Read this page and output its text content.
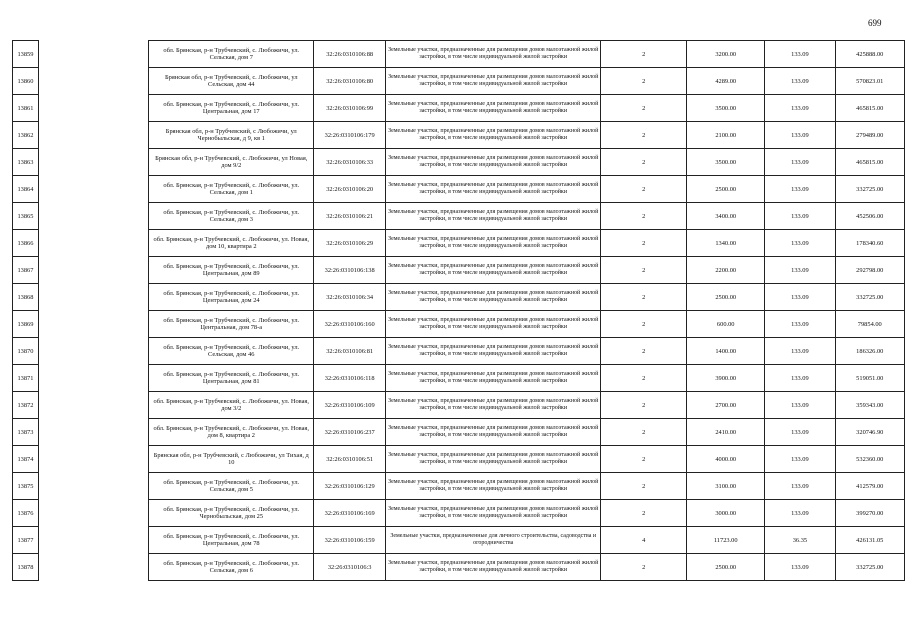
699
13859		обл. Брянская, р-н Трубчевский, с. Любожичи, ул. Сельская, дом 7	32:26:0310106:88	Земельные участки, предназначенные для размещения домов малоэтажной жилой застройки, в том числе индивидуальной жилой застройки	2	3200.00	133.09	425888.00
13860		Брянская обл, р-н Трубчевский, с. Любожичи, ул Сельская, дом 44	32:26:0310106:80	Земельные участки, предназначенные для размещения домов малоэтажной жилой застройки, в том числе индивидуальной жилой застройки	2	4289.00	133.09	570823.01
13861		обл. Брянская, р-н Трубчевский, с. Любожичи, ул. Центральная, дом 17	32:26:0310106:99	Земельные участки, предназначенные для размещения домов малоэтажной жилой застройки, в том числе индивидуальной жилой застройки	2	3500.00	133.09	465815.00
13862		Брянская обл, р-н Трубчевский, с Любожичи, ул Чернобыльская, д 9, кв 1	32:26:0310106:179	Земельные участки, предназначенные для размещения домов малоэтажной жилой застройки, в том числе индивидуальной жилой застройки	2	2100.00	133.09	279489.00
13863		Брянская обл, р-н Трубчевский, с. Любожичи, ул Новая, дом 9/2	32:26:0310106:33	Земельные участки, предназначенные для размещения домов малоэтажной жилой застройки, в том числе индивидуальной жилой застройки	2	3500.00	133.09	465815.00
13864		обл. Брянская, р-н Трубчевский, с. Любожичи, ул. Сельская, дом 1	32:26:0310106:20	Земельные участки, предназначенные для размещения домов малоэтажной жилой застройки, в том числе индивидуальной жилой застройки	2	2500.00	133.09	332725.00
13865		обл. Брянская, р-н Трубчевский, с. Любожичи, ул. Сельская, дом 3	32:26:0310106:21	Земельные участки, предназначенные для размещения домов малоэтажной жилой застройки, в том числе индивидуальной жилой застройки	2	3400.00	133.09	452506.00
13866		обл. Брянская, р-н Трубчевский, с. Любожичи, ул. Новая, дом 10, квартира 2	32:26:0310106:29	Земельные участки, предназначенные для размещения домов малоэтажной жилой застройки, в том числе индивидуальной жилой застройки	2	1340.00	133.09	178340.60
13867		обл. Брянская, р-н Трубчевский, с. Любожичи, ул. Центральная, дом 89	32:26:0310106:138	Земельные участки, предназначенные для размещения домов малоэтажной жилой застройки, в том числе индивидуальной жилой застройки	2	2200.00	133.09	292798.00
13868		обл. Брянская, р-н Трубчевский, с. Любожичи, ул. Центральная, дом 24	32:26:0310106:34	Земельные участки, предназначенные для размещения домов малоэтажной жилой застройки, в том числе индивидуальной жилой застройки	2	2500.00	133.09	332725.00
13869		обл. Брянская, р-н Трубчевский, с. Любожичи, ул. Центральная, дом 78-а	32:26:0310106:160	Земельные участки, предназначенные для размещения домов малоэтажной жилой застройки, в том числе индивидуальной жилой застройки	2	600.00	133.09	79854.00
13870		обл. Брянская, р-н Трубчевский, с. Любожичи, ул. Сельская, дом 46	32:26:0310106:81	Земельные участки, предназначенные для размещения домов малоэтажной жилой застройки, в том числе индивидуальной жилой застройки	2	1400.00	133.09	186326.00
13871		обл. Брянская, р-н Трубчевский, с. Любожичи, ул. Центральная, дом 81	32:26:0310106:118	Земельные участки, предназначенные для размещения домов малоэтажной жилой застройки, в том числе индивидуальной жилой застройки	2	3900.00	133.09	519051.00
13872		обл. Брянская, р-н Трубчевский, с. Любожичи, ул. Новая, дом 3/2	32:26:0310106:109	Земельные участки, предназначенные для размещения домов малоэтажной жилой застройки, в том числе индивидуальной жилой застройки	2	2700.00	133.09	359343.00
13873		обл. Брянская, р-н Трубчевский, с. Любожичи, ул. Новая, дом 8, квартира 2	32:26:0310106:237	Земельные участки, предназначенные для размещения домов малоэтажной жилой застройки, в том числе индивидуальной жилой застройки	2	2410.00	133.09	320746.90
13874		Брянская обл, р-н Трубчевский, с Любожичи, ул Тихая, д 10	32:26:0310106:51	Земельные участки, предназначенные для размещения домов малоэтажной жилой застройки, в том числе индивидуальной жилой застройки	2	4000.00	133.09	532360.00
13875		обл. Брянская, р-н Трубчевский, с. Любожичи, ул. Сельская, дом 5	32:26:0310106:129	Земельные участки, предназначенные для размещения домов малоэтажной жилой застройки, в том числе индивидуальной жилой застройки	2	3100.00	133.09	412579.00
13876		обл. Брянская, р-н Трубчевский, с. Любожичи, ул. Чернобыльская, дом 25	32:26:0310106:169	Земельные участки, предназначенные для размещения домов малоэтажной жилой застройки, в том числе индивидуальной жилой застройки	2	3000.00	133.09	399270.00
13877		обл. Брянская, р-н Трубчевский, с. Любожичи, ул. Центральная, дом 78	32:26:0310106:159	Земельные участки, предназначенные для личного строительства, садоводства и огородничества	4	11723.00	36.35	426131.05
13878		обл. Брянская, р-н Трубчевский, с. Любожичи, ул. Сельская, дом 6	32:26:0310106:3	Земельные участки, предназначенные для размещения домов малоэтажной жилой застройки, в том числе индивидуальной жилой застройки	2	2500.00	133.09	332725.00
